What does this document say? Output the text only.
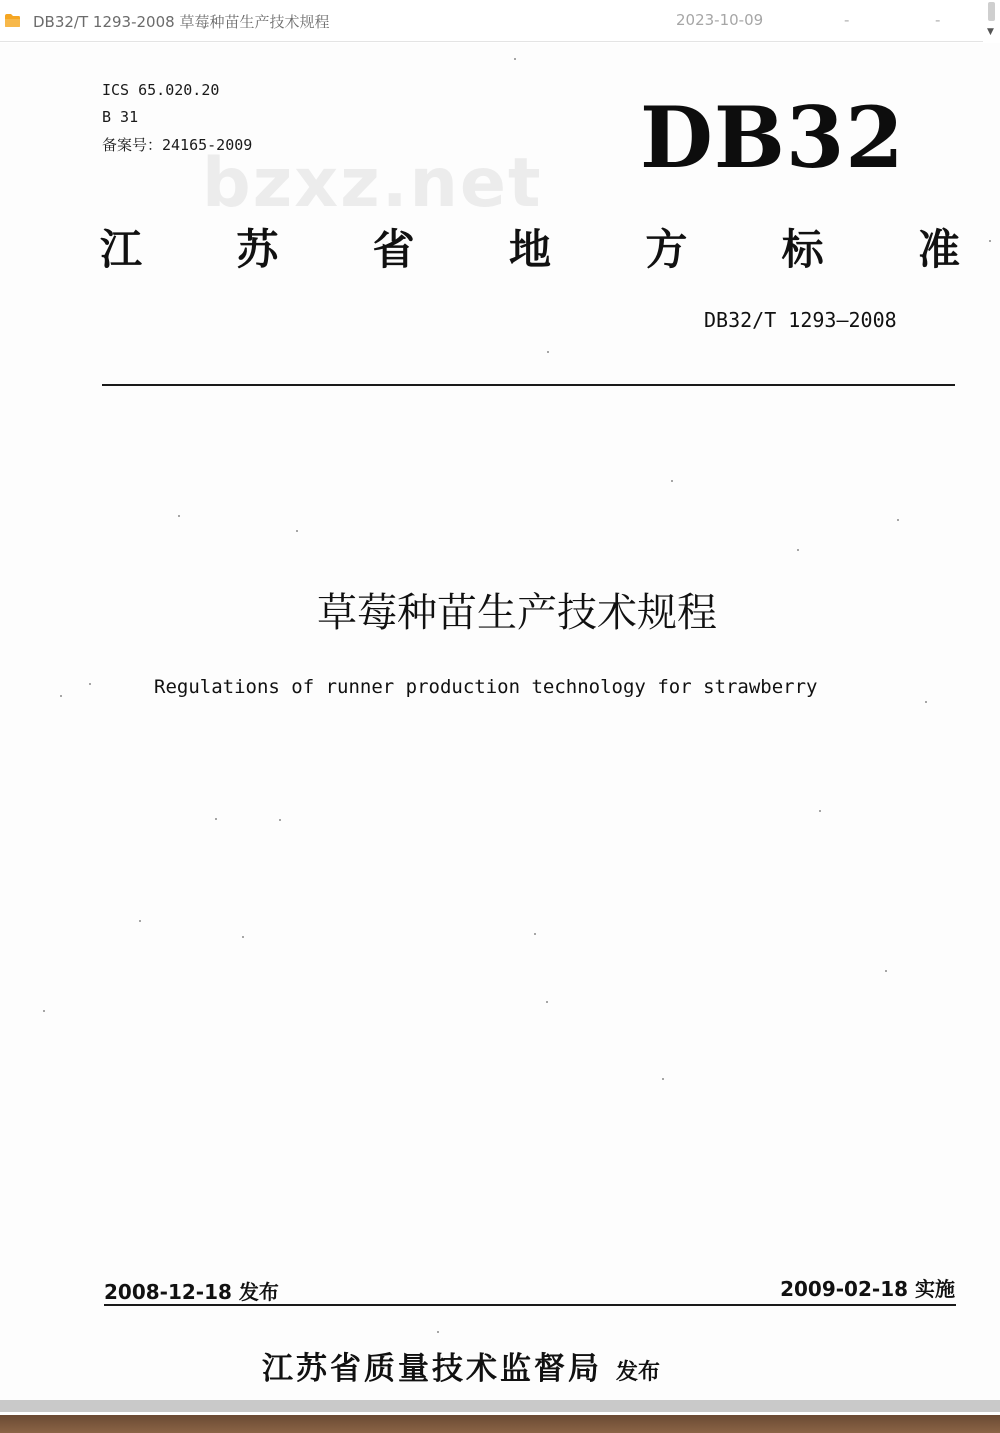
DB32/T 1293-2008 草莓种苗生产技术规程	2023-10-09	-	-
▼
ICS 65.020.20
B 31
备案号：24165-2009
bzxz.net DB32
江 苏 省 地 方 标 准
DB32/T 1293—2008
草莓种苗生产技术规程
Regulations of runner production technology for strawberry
2008-12-18 发布	2009-02-18 实施
江苏省质量技术监督局 发布
